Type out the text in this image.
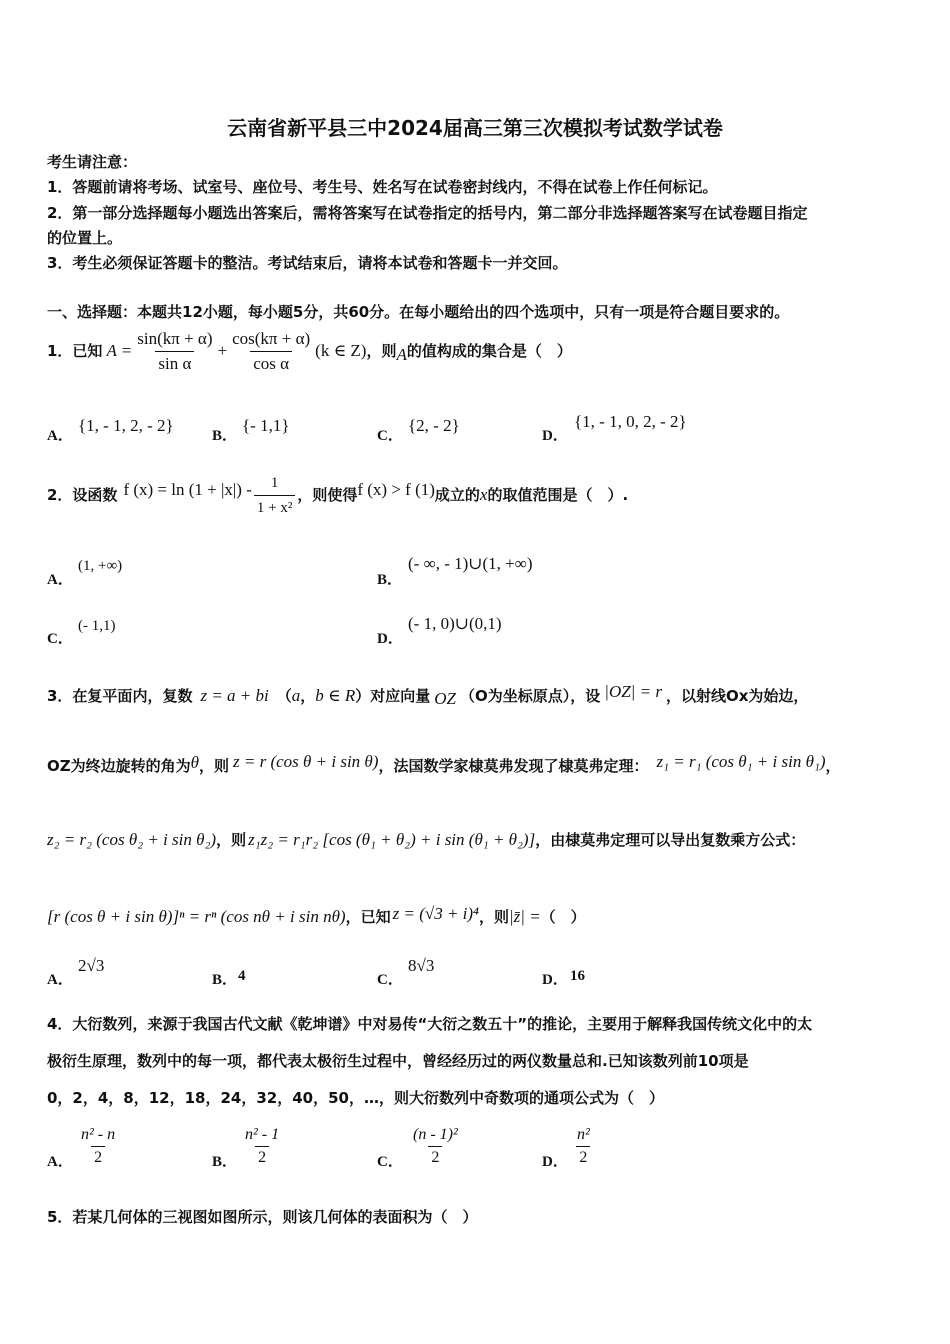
云南省新平县三中2024届高三第三次模拟考试数学试卷
考生请注意：
1．答题前请将考场、试室号、座位号、考生号、姓名写在试卷密封线内，不得在试卷上作任何标记。
2．第一部分选择题每小题选出答案后，需将答案写在试卷指定的括号内，第二部分非选择题答案写在试卷题目指定
的位置上。
3．考生必须保证答题卡的整洁。考试结束后，请将本试卷和答题卡一并交回。
一、选择题：本题共12小题，每小题5分，共60分。在每小题给出的四个选项中，只有一项是符合题目要求的。
1．已知 $A = \frac{\sin(k\pi + \alpha)}{\text{sin α}} + \frac{\cos(k\pi + \alpha)}{\text{cos α}} (k$ ∈ Z) ，则 A 的值构成的集合是（　）
A．
{1, - 1, 2, - 2}
B．
{- 1,1}
C．
{2, - 2}
D．
{1, - 1, 0, 2, - 2}
2．设函数 f $(x) = \ln (1 + |x|) - \frac{1}{\text{1 + x²}}$ ，则使得 f (x) > f (1) 成立的 x 的取值范围是（　）.
A．
(1, +∞)
B．
(- ∞, - 1)∪(1, +∞)
C．
(- 1,1)
D．
(- 1, 0)∪(0,1)
3．在复平面内，复数 z = a + bi （ a ， b ∈ R ）对应向量 OZ （O为坐标原点），设 |OZ| = r ，以射线Ox为始边，
OZ为终边旋转的角为 θ ，则 z = r (cos θ + i sin θ) ，法国数学家棣莫弗发现了棣莫弗定理： z₁ = r₁ (cos θ₁ + i sin θ₁) ，
z₂ = r₂ (cos θ₂ + i sin θ₂) ，则 z₁z₂ = r₁r₂ [cos (θ₁ + θ₂) + i sin (θ₁ + θ₂)] ，由棣莫弗定理可以导出复数乘方公式：
[r (cos θ + i sin θ)]ⁿ = rⁿ (cos nθ + i sin nθ) ，已知 z = (√3 + i)⁴ ，则 |z̄| = （　）
A．
2√3
B． 4	C．
8√3
D． 16
4．大衍数列，来源于我国古代文献《乾坤谱》中对易传“大衍之数五十”的推论，主要用于解释我国传统文化中的太
极衍生原理，数列中的每一项，都代表太极衍生过程中，曾经经历过的两仪数量总和.已知该数列前10项是
0，2，4，8，12，18，24，32，40，50，…，则大衍数列中奇数项的通项公式为（　）
A． $\frac{\text{n² - n}}{2}$	B． $\frac{\text{n² - 1}}{2}$	C． $\frac{\text{(n - 1)²}}{2}$	D． $\frac{\text{n²}}{2}$
5．若某几何体的三视图如图所示，则该几何体的表面积为（　）
